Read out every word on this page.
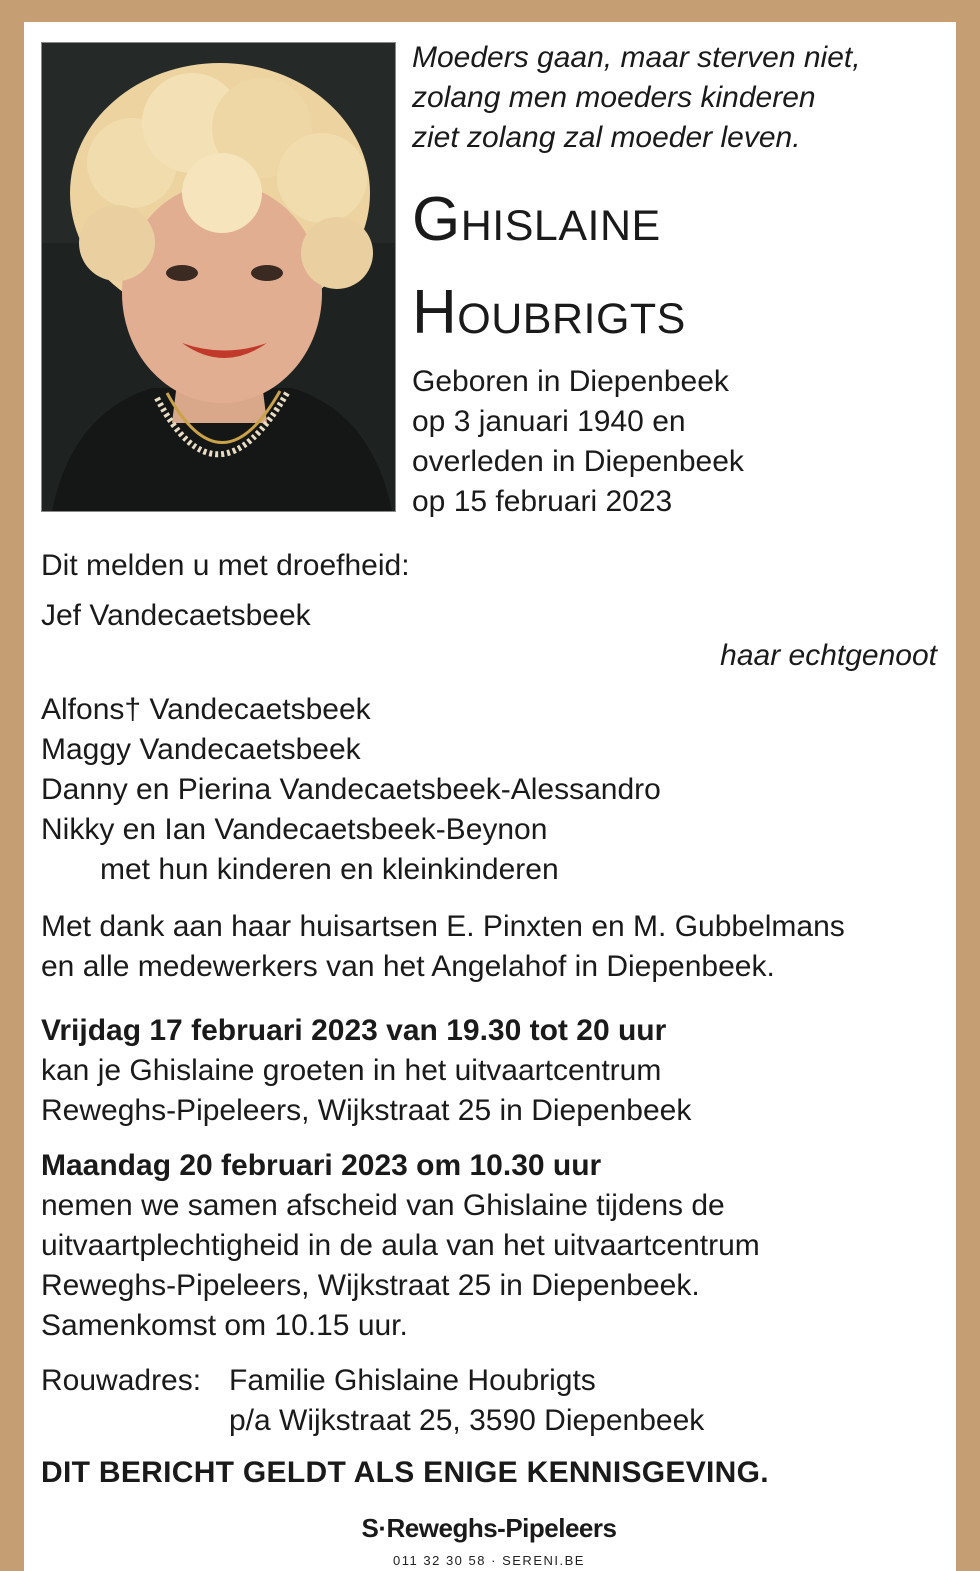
Moeders gaan, maar sterven niet,
zolang men moeders kinderen
ziet zolang zal moeder leven.
Ghislaine
Houbrigts
Geboren in Diepenbeek
op 3 januari 1940 en
overleden in Diepenbeek
op 15 februari 2023
Dit melden u met droefheid:
Jef Vandecaetsbeek
haar echtgenoot
Alfons† Vandecaetsbeek
Maggy Vandecaetsbeek
Danny en Pierina Vandecaetsbeek-Alessandro
Nikky en Ian Vandecaetsbeek-Beynon
met hun kinderen en kleinkinderen
Met dank aan haar huisartsen E. Pinxten en M. Gubbelmans
en alle medewerkers van het Angelahof in Diepenbeek.
Vrijdag 17 februari 2023 van 19.30 tot 20 uur
kan je Ghislaine groeten in het uitvaartcentrum
Reweghs-Pipeleers, Wijkstraat 25 in Diepenbeek
Maandag 20 februari 2023 om 10.30 uur
nemen we samen afscheid van Ghislaine tijdens de
uitvaartplechtigheid in de aula van het uitvaartcentrum
Reweghs-Pipeleers, Wijkstraat 25 in Diepenbeek.
Samenkomst om 10.15 uur.
Rouwadres: Familie Ghislaine Houbrigts
p/a Wijkstraat 25, 3590 Diepenbeek
DIT BERICHT GELDT ALS ENIGE KENNISGEVING.
S·Reweghs-Pipeleers
011 32 30 58 · SERENI.BE
